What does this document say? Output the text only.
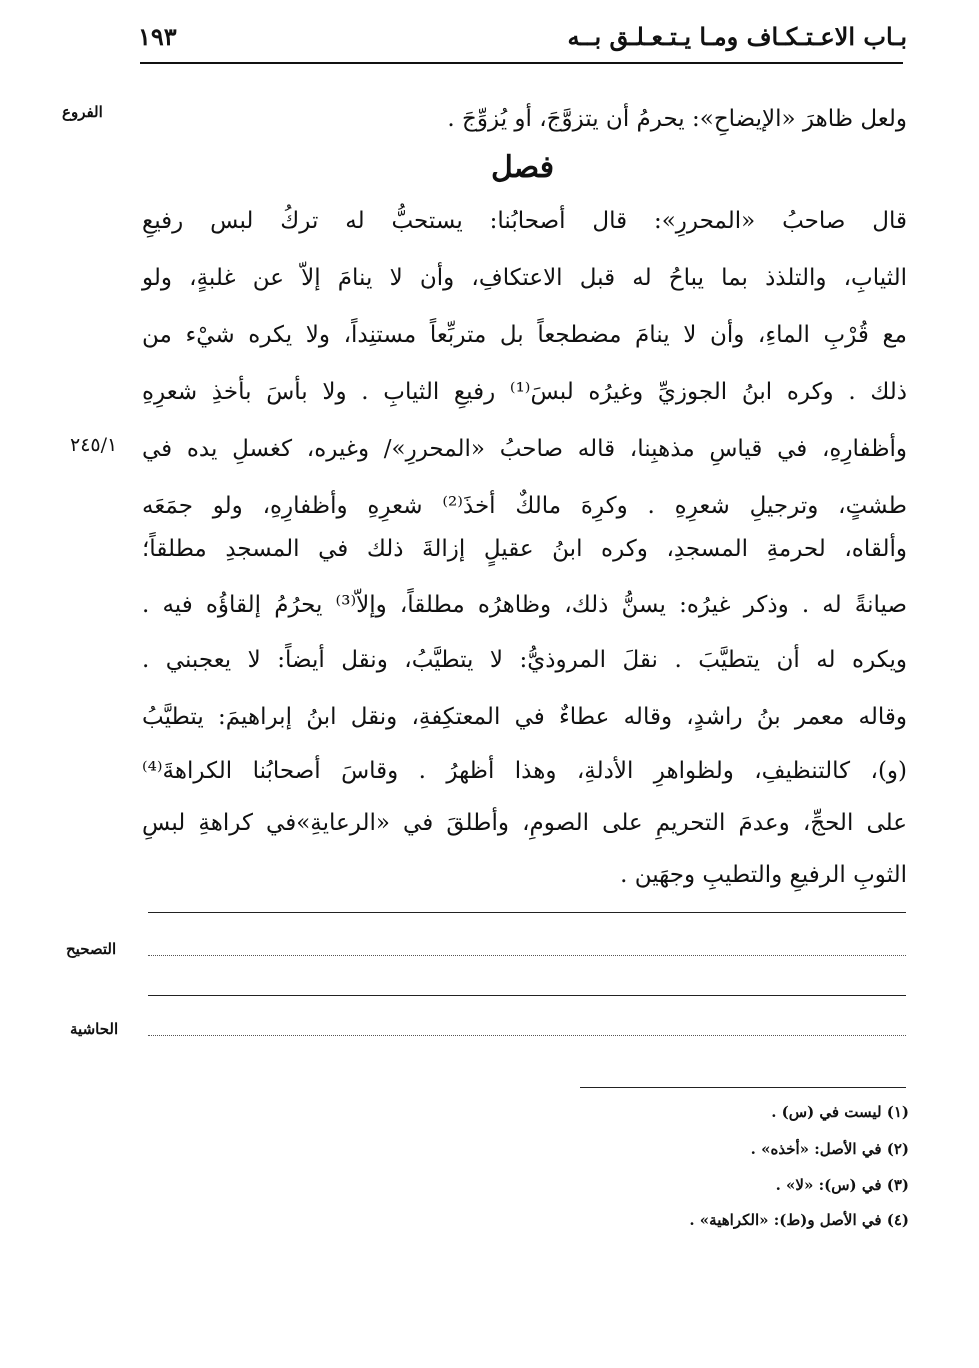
بـاب الاعـتـكـاف ومـا يـتـعـلـق بــه
١٩٣
الفروع
٢٤٥/١
ولعل ظاهرَ «الإيضاحِ»: يحرمُ أن يتزوَّجَ، أو يُزوِّجَ .
فصل
قال صاحبُ «المحررِ»: قال أصحابُنا: يستحبُّ له تركُ لبس رفيعِ
الثيابِ، والتلذذ بما يباحُ له قبل الاعتكافِ، وأن لا ينامَ إلاّ عن غلبةٍ، ولو
مع قُرْبِ الماءِ، وأن لا ينامَ مضطجعاً بل متربِّعاً مستنِداً، ولا يكره شيْء من
ذلك . وكره ابنُ الجوزيِّ وغيرُه لبسَ⁽¹⁾ رفيعِ الثيابِ . ولا بأسَ بأخذِ شعرِهِ
وأظفارِهِ، في قياسِ مذهبِنا، قاله صاحبُ «المحررِ»/ وغيره، كغسلِ يده في
طشتٍ، وترجيلِ شعرِهِ . وكرِهَ مالكٌ أخذَ⁽²⁾ شعرِهِ وأظفارِهِ، ولو جمَعَه
وألقاه، لحرمةِ المسجدِ، وكره ابنُ عقيلٍ إزالةَ ذلك في المسجدِ مطلقاً؛
صيانةً له . وذكر غيرُه: يسنُّ ذلك، وظاهرُه مطلقاً، وإلاّ⁽³⁾ يحرُمُ إلقاؤُه فيه .
ويكره له أن يتطيَّبَ . نقلَ المروذيُّ: لا يتطيَّبُ، ونقل أيضاً: لا يعجبني .
وقاله معمر بنُ راشدٍ، وقاله عطاءٌ في المعتكِفةِ، ونقل ابنُ إبراهيمَ: يتطيَّبُ
(و)، كالتنظيفِ، ولظواهرِ الأدلةِ، وهذا أظهرُ . وقاسَ أصحابُنا الكراهةَ⁽⁴⁾
على الحجِّ، وعدمَ التحريمِ على الصومِ، وأطلقَ في «الرعايةِ»في كراهةِ لبسِ
الثوبِ الرفيعِ والتطيبِ وجهَين .
التصحيح
الحاشية
(١) ليست في (س) .
(٢) في الأصل: «أخذه» .
(٣) في (س): «لا» .
(٤) في الأصل و(ط): «الكراهية» .
